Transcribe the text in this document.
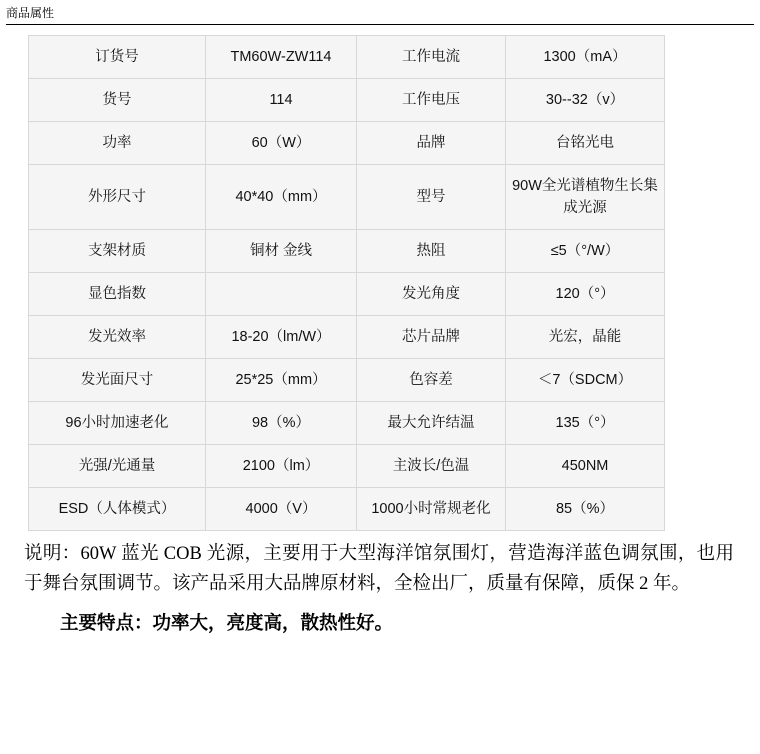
商品属性
订货号	TM60W-ZW114	工作电流	1300（mA）
货号	114	工作电压	30--32（v）
功率	60（W）	品牌	台铭光电
外形尺寸	40*40（mm）	型号	90W全光谱植物生长集成光源
支架材质	铜材 金线	热阻	≤5（°/W）
显色指数		发光角度	120（°）
发光效率	18-20（lm/W）	芯片品牌	光宏，晶能
发光面尺寸	25*25（mm）	色容差	＜7（SDCM）
96小时加速老化	98（%）	最大允许结温	135（°）
光强/光通量	2100（lm）	主波长/色温	450NM
ESD（人体模式）	4000（V）	1000小时常规老化	85（%）
说明：60W 蓝光 COB 光源，主要用于大型海洋馆氛围灯，营造海洋蓝色调氛围，也用于舞台氛围调节。该产品采用大品牌原材料，全检出厂，质量有保障，质保 2 年。
主要特点：功率大，亮度高，散热性好。
